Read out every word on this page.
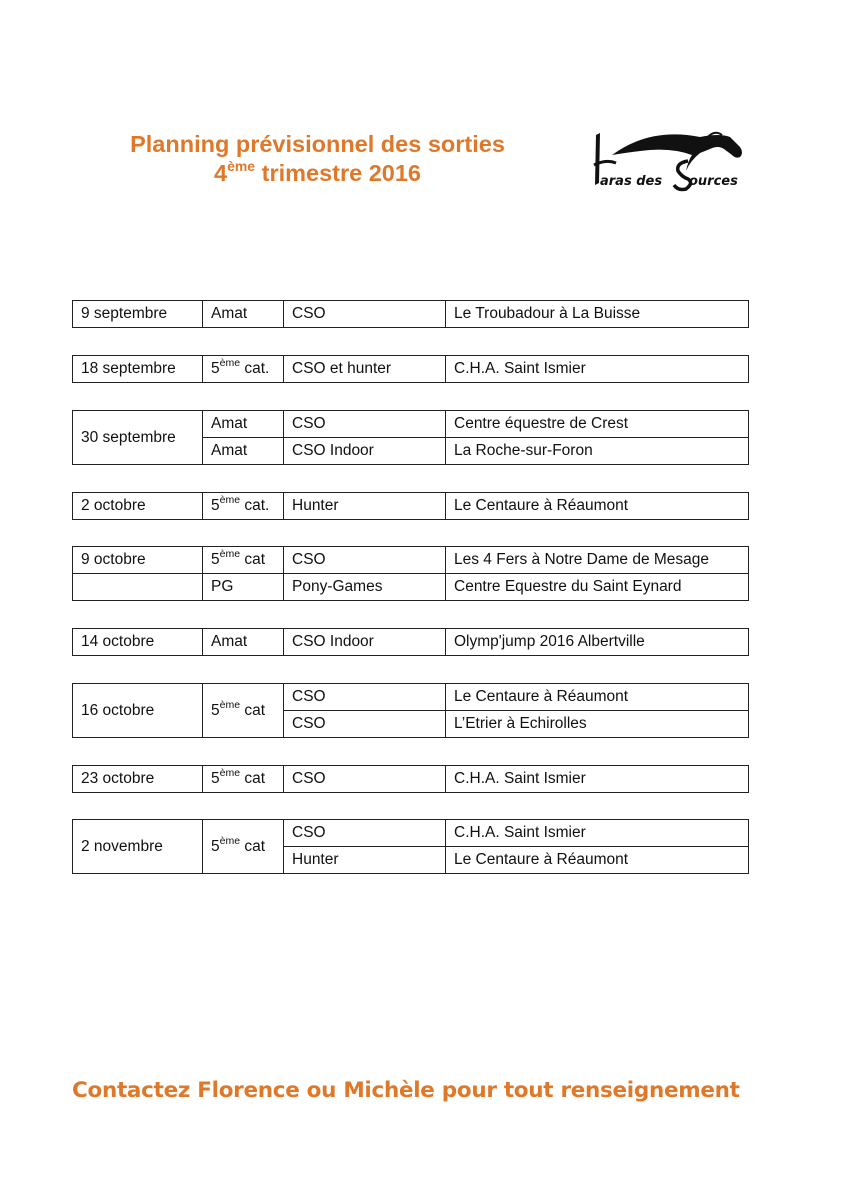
Planning prévisionnel des sorties
4ème trimestre 2016	aras des ources
9 septembre	Amat	CSO	Le Troubadour à La Buisse
18 septembre	5ème cat.	CSO et hunter	C.H.A. Saint Ismier
30 septembre	Amat	CSO	Centre équestre de Crest
	Amat	CSO Indoor	La Roche-sur-Foron
2 octobre	5ème cat.	Hunter	Le Centaure à Réaumont
9 octobre	5ème cat	CSO	Les 4 Fers à Notre Dame de Mesage
	PG	Pony-Games	Centre Equestre du Saint Eynard
14 octobre	Amat	CSO Indoor	Olymp'jump 2016 Albertville
16 octobre	5ème cat	CSO	Le Centaure à Réaumont
		CSO	L’Etrier à Echirolles
23 octobre	5ème cat	CSO	C.H.A. Saint Ismier
2 novembre	5ème cat	CSO	C.H.A. Saint Ismier
		Hunter	Le Centaure à Réaumont
Contactez Florence ou Michèle pour tout renseignement
